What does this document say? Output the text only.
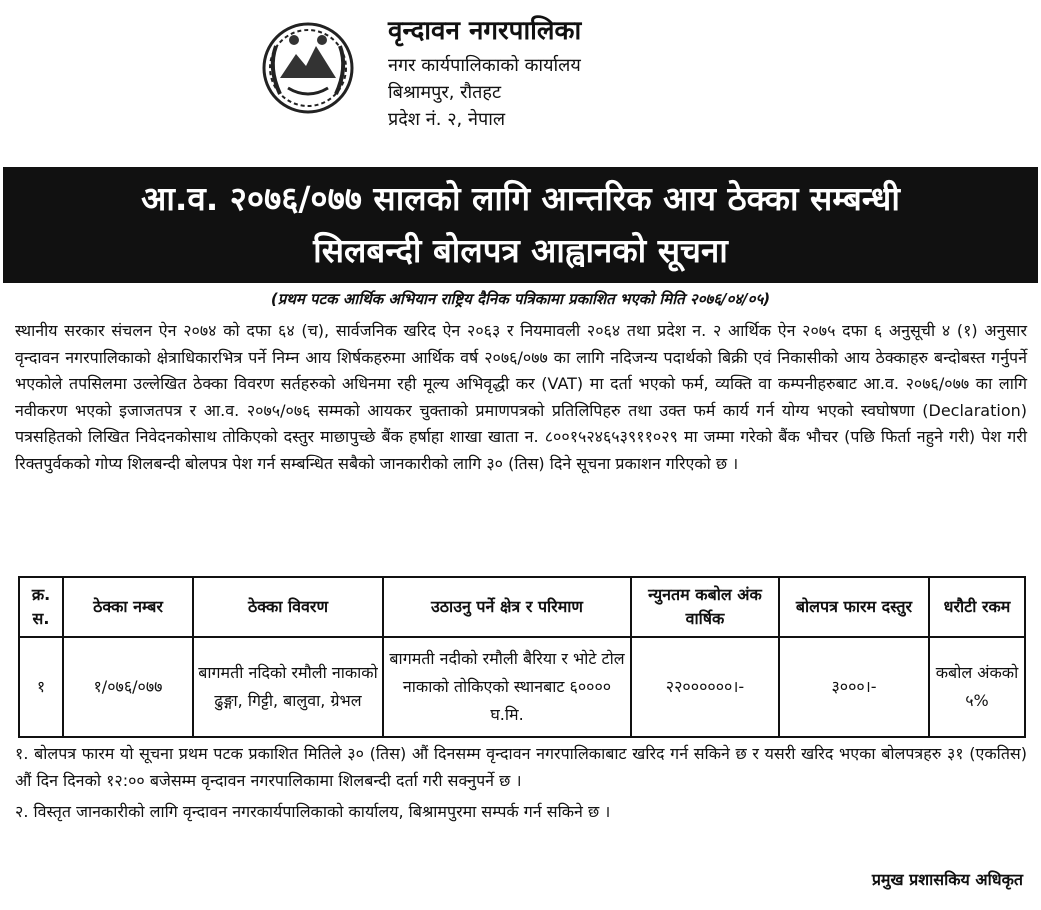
वृन्दावन नगरपालिका

नगर कार्यपालिकाको कार्यालय

बिश्रामपुर, रौतहट

प्रदेश नं. २, नेपाल

आ.व. २०७६/०७७ सालको लागि आन्तरिक आय ठेक्का सम्बन्धी
सिलबन्दी बोलपत्र आह्वानको सूचना
(प्रथम पटक आर्थिक अभियान राष्ट्रिय दैनिक पत्रिकामा प्रकाशित भएको मिति २०७६/०४/०५)
स्थानीय सरकार संचलन ऐन २०७४ को दफा ६४ (च), सार्वजनिक खरिद ऐन २०६३ र नियमावली २०६४ तथा प्रदेश न. २ आर्थिक ऐन २०७५ दफा ६ अनुसूची ४ (१) अनुसार वृन्दावन नगरपालिकाको क्षेत्राधिकारभित्र पर्ने निम्न आय शिर्षकहरुमा आर्थिक वर्ष २०७६/०७७ का लागि नदिजन्य पदार्थको बिक्री एवं निकासीको आय ठेक्काहरु बन्दोबस्त गर्नुपर्ने भएकोले तपसिलमा उल्लेखित ठेक्का विवरण सर्तहरुको अधिनमा रही मूल्य अभिवृद्धी कर (VAT) मा दर्ता भएको फर्म, व्यक्ति वा कम्पनीहरुबाट आ.व. २०७६/०७७ का लागि नवीकरण भएको इजाजतपत्र र आ.व. २०७५/०७६ सम्मको आयकर चुक्ताको प्रमाणपत्रको प्रतिलिपिहरु तथा उक्त फर्म कार्य गर्न योग्य भएको स्वघोषणा (Declaration) पत्रसहितको लिखित निवेदनकोसाथ तोकिएको दस्तुर माछापुच्छे बैंक हर्षाहा शाखा खाता न. ८००१५२४६५३९११०२९ मा जम्मा गरेको बैंक भौचर (पछि फिर्ता नहुने गरी) पेश गरी रिक्तपुर्वकको गोप्य शिलबन्दी बोलपत्र पेश गर्न सम्बन्धित सबैको जानकारीको लागि ३० (तिस) दिने सूचना प्रकाशन गरिएको छ ।
क्र. स.	ठेक्का नम्बर	ठेक्का विवरण	उठाउनु पर्ने क्षेत्र र परिमाण	न्युनतम कबोल अंक वार्षिक	बोलपत्र फारम दस्तुर	धरौटी रकम
१	१/०७६/०७७	बागमती नदिको रमौली नाकाको ढुङ्गा, गिट्टी, बालुवा, ग्रेभल	बागमती नदीको रमौली बैरिया र भोटे टोल नाकाको तोकिएको स्थानबाट ६०००० घ.मि.	२२००००००।-	३०००।-	कबोल अंकको ५%

१. बोलपत्र फारम यो सूचना प्रथम पटक प्रकाशित मितिले ३० (तिस) औं दिनसम्म वृन्दावन नगरपालिकाबाट खरिद गर्न सकिने छ र यसरी खरिद भएका बोलपत्रहरु ३१ (एकतिस) औं दिन दिनको १२:०० बजेसम्म वृन्दावन नगरपालिकामा शिलबन्दी दर्ता गरी सक्नुपर्ने छ ।

२. विस्तृत जानकारीको लागि वृन्दावन नगरकार्यपालिकाको कार्यालय, बिश्रामपुरमा सम्पर्क गर्न सकिने छ ।

प्रमुख प्रशासकिय अधिकृत
